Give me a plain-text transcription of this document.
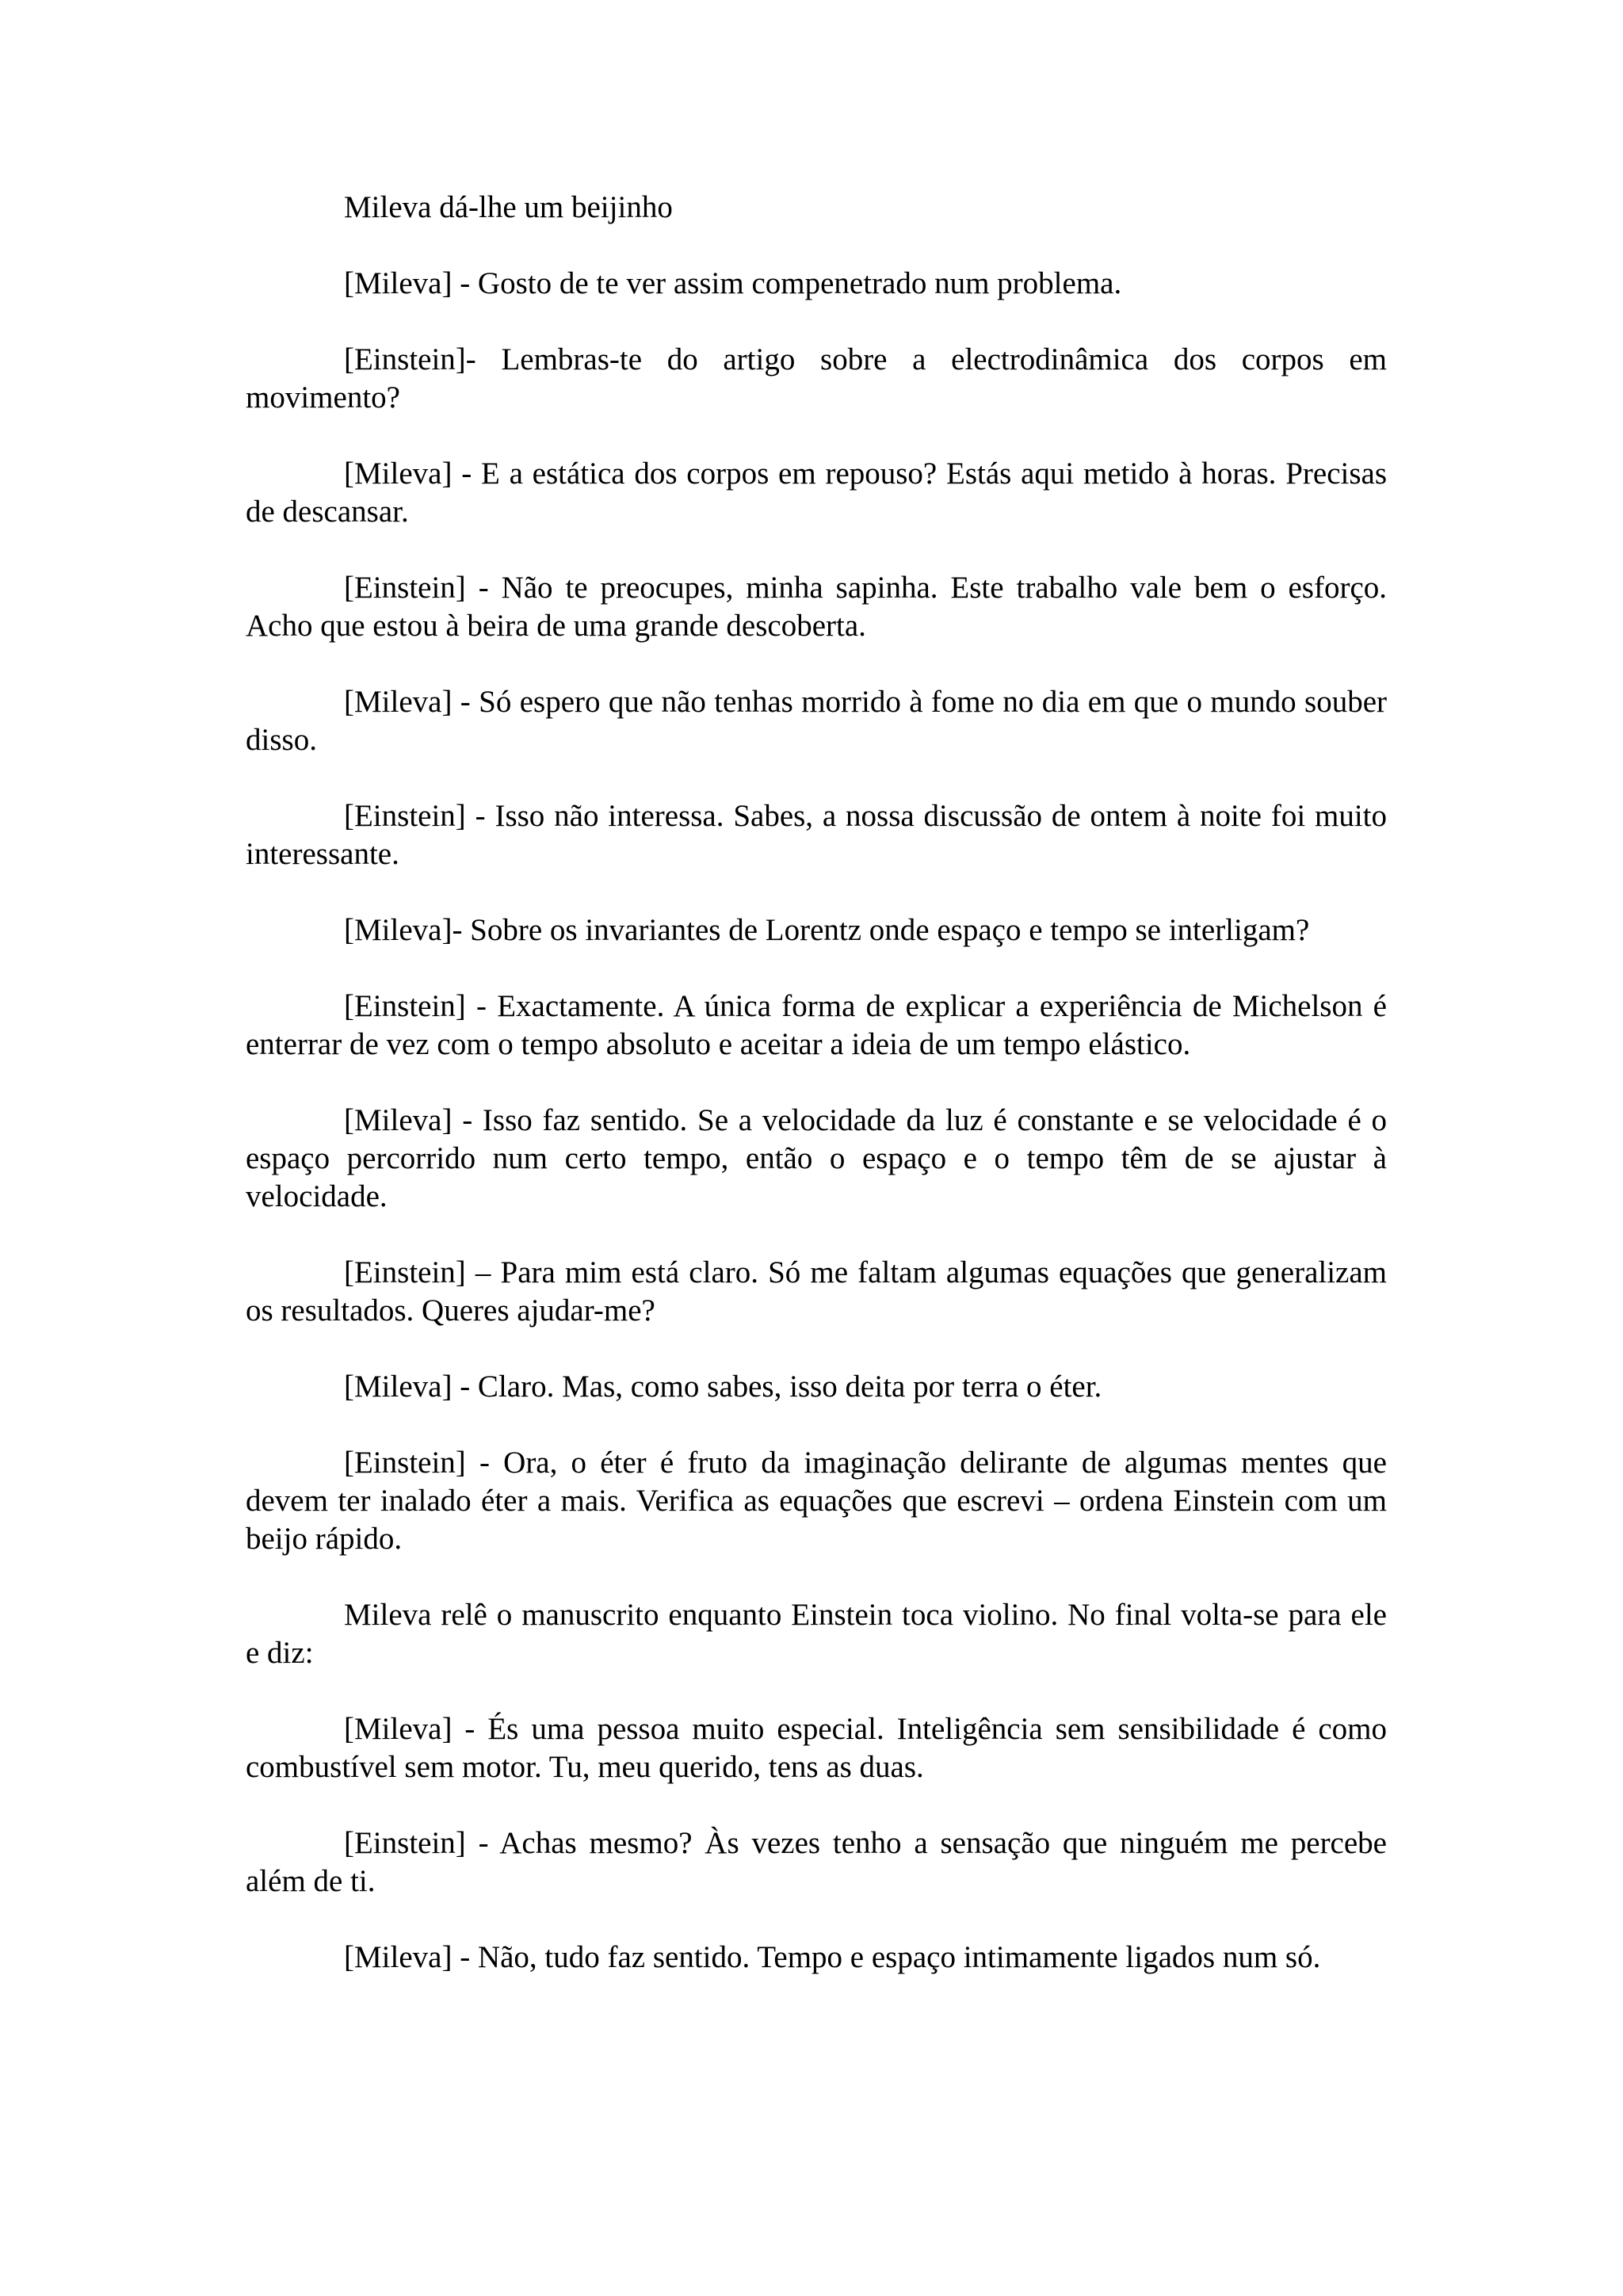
Mileva dá-lhe um beijinho

[Mileva] - Gosto de te ver assim compenetrado num problema.

[Einstein]- Lembras-te do artigo sobre a electrodinâmica dos corpos em movimento?

[Mileva] - E a estática dos corpos em repouso? Estás aqui metido à horas. Precisas de descansar.

[Einstein] - Não te preocupes, minha sapinha. Este trabalho vale bem o esforço. Acho que estou à beira de uma grande descoberta.

[Mileva] - Só espero que não tenhas morrido à fome no dia em que o mundo souber disso.

[Einstein] - Isso não interessa. Sabes, a nossa discussão de ontem à noite foi muito interessante.

[Mileva]- Sobre os invariantes de Lorentz onde espaço e tempo se interligam?

[Einstein] - Exactamente. A única forma de explicar a experiência de Michelson é enterrar de vez com o tempo absoluto e aceitar a ideia de um tempo elástico.

[Mileva] - Isso faz sentido. Se a velocidade da luz é constante e se velocidade é o espaço percorrido num certo tempo, então o espaço e o tempo têm de se ajustar à velocidade.

[Einstein] – Para mim está claro. Só me faltam algumas equações que generalizam os resultados. Queres ajudar-me?

[Mileva] - Claro. Mas, como sabes, isso deita por terra o éter.

[Einstein] - Ora, o éter é fruto da imaginação delirante de algumas mentes que devem ter inalado éter a mais. Verifica as equações que escrevi – ordena Einstein com um beijo rápido.

Mileva relê o manuscrito enquanto Einstein toca violino. No final volta-se para ele e diz:

[Mileva] - És uma pessoa muito especial. Inteligência sem sensibilidade é como combustível sem motor. Tu, meu querido, tens as duas.

[Einstein] - Achas mesmo? Às vezes tenho a sensação que ninguém me percebe além de ti.

[Mileva] - Não, tudo faz sentido. Tempo e espaço intimamente ligados num só.
